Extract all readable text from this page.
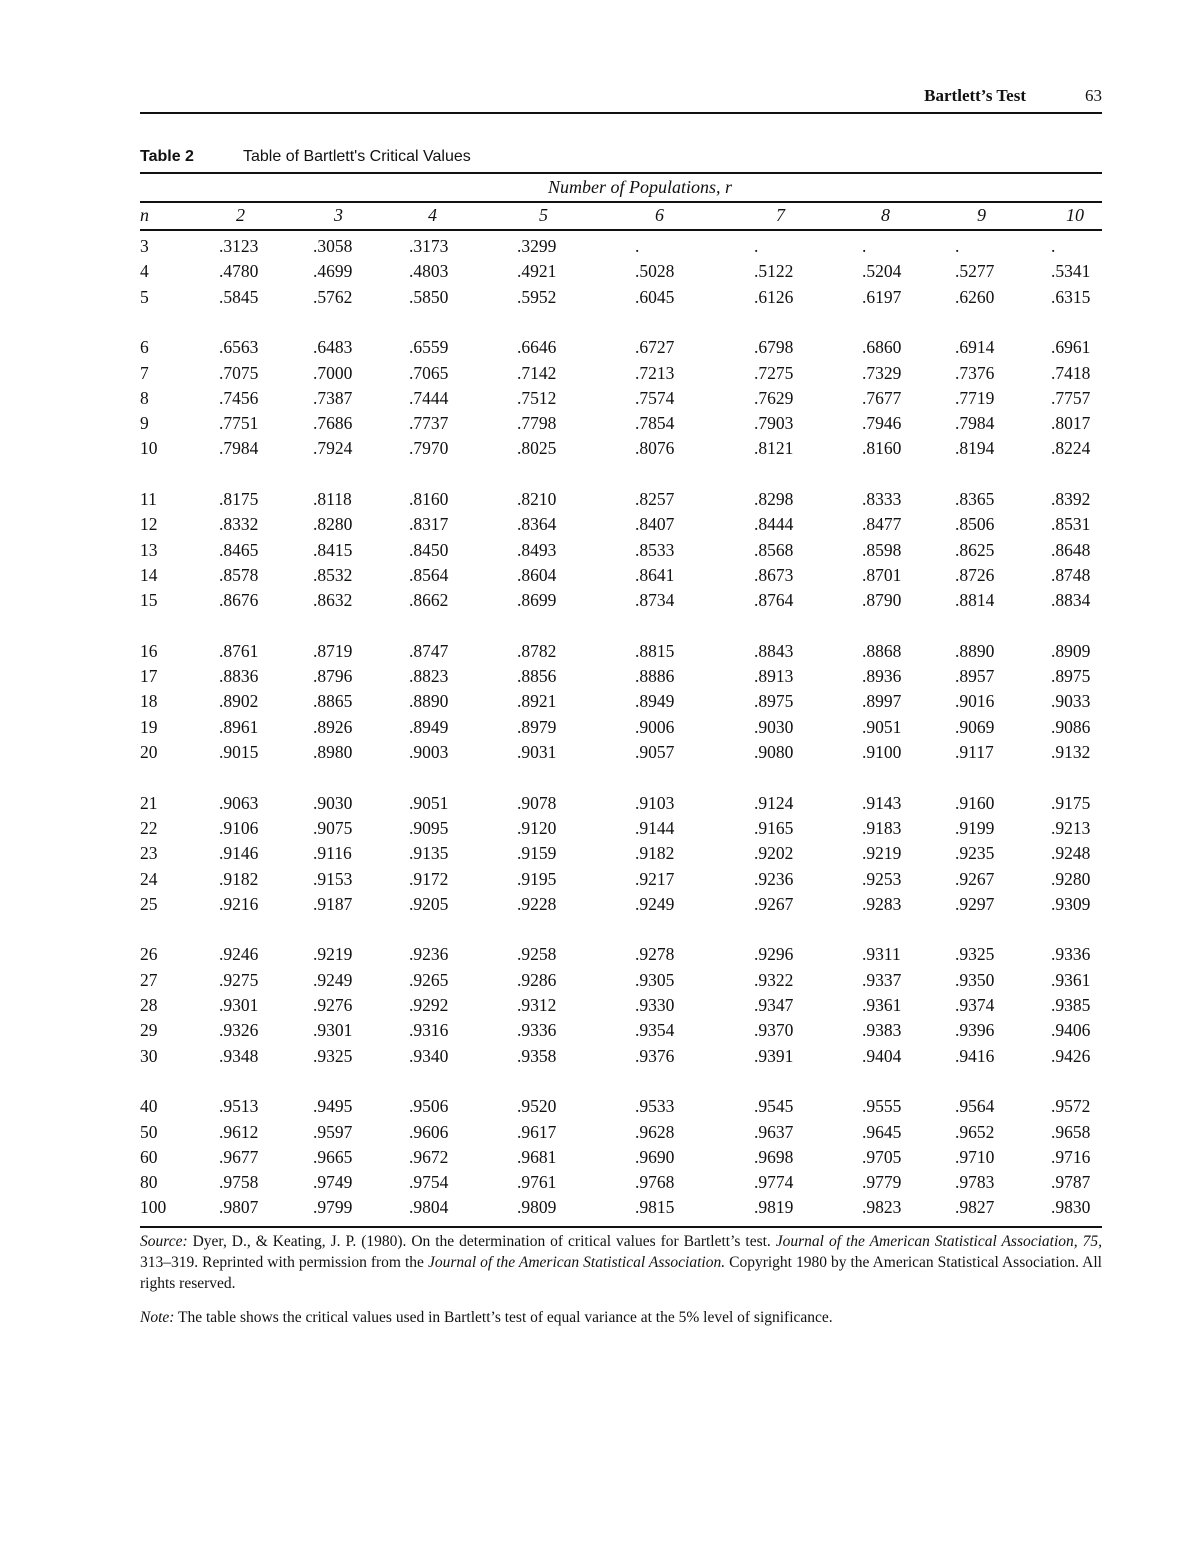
Bartlett’s Test	63
Table 2	Table of Bartlett's Critical Values
Number of Populations, r
n	2	3	4	5	6	7	8	9	10
3	.3123	.3058	.3173	.3299	.	.	.	.	.
4	.4780	.4699	.4803	.4921	.5028	.5122	.5204	.5277	.5341
5	.5845	.5762	.5850	.5952	.6045	.6126	.6197	.6260	.6315
6	.6563	.6483	.6559	.6646	.6727	.6798	.6860	.6914	.6961
7	.7075	.7000	.7065	.7142	.7213	.7275	.7329	.7376	.7418
8	.7456	.7387	.7444	.7512	.7574	.7629	.7677	.7719	.7757
9	.7751	.7686	.7737	.7798	.7854	.7903	.7946	.7984	.8017
10	.7984	.7924	.7970	.8025	.8076	.8121	.8160	.8194	.8224
11	.8175	.8118	.8160	.8210	.8257	.8298	.8333	.8365	.8392
12	.8332	.8280	.8317	.8364	.8407	.8444	.8477	.8506	.8531
13	.8465	.8415	.8450	.8493	.8533	.8568	.8598	.8625	.8648
14	.8578	.8532	.8564	.8604	.8641	.8673	.8701	.8726	.8748
15	.8676	.8632	.8662	.8699	.8734	.8764	.8790	.8814	.8834
16	.8761	.8719	.8747	.8782	.8815	.8843	.8868	.8890	.8909
17	.8836	.8796	.8823	.8856	.8886	.8913	.8936	.8957	.8975
18	.8902	.8865	.8890	.8921	.8949	.8975	.8997	.9016	.9033
19	.8961	.8926	.8949	.8979	.9006	.9030	.9051	.9069	.9086
20	.9015	.8980	.9003	.9031	.9057	.9080	.9100	.9117	.9132
21	.9063	.9030	.9051	.9078	.9103	.9124	.9143	.9160	.9175
22	.9106	.9075	.9095	.9120	.9144	.9165	.9183	.9199	.9213
23	.9146	.9116	.9135	.9159	.9182	.9202	.9219	.9235	.9248
24	.9182	.9153	.9172	.9195	.9217	.9236	.9253	.9267	.9280
25	.9216	.9187	.9205	.9228	.9249	.9267	.9283	.9297	.9309
26	.9246	.9219	.9236	.9258	.9278	.9296	.9311	.9325	.9336
27	.9275	.9249	.9265	.9286	.9305	.9322	.9337	.9350	.9361
28	.9301	.9276	.9292	.9312	.9330	.9347	.9361	.9374	.9385
29	.9326	.9301	.9316	.9336	.9354	.9370	.9383	.9396	.9406
30	.9348	.9325	.9340	.9358	.9376	.9391	.9404	.9416	.9426
40	.9513	.9495	.9506	.9520	.9533	.9545	.9555	.9564	.9572
50	.9612	.9597	.9606	.9617	.9628	.9637	.9645	.9652	.9658
60	.9677	.9665	.9672	.9681	.9690	.9698	.9705	.9710	.9716
80	.9758	.9749	.9754	.9761	.9768	.9774	.9779	.9783	.9787
100	.9807	.9799	.9804	.9809	.9815	.9819	.9823	.9827	.9830
Source: Dyer, D., & Keating, J. P. (1980). On the determination of critical values for Bartlett’s test. Journal of the American Statistical Association, 75, 313–319. Reprinted with permission from the Journal of the American Statistical Association. Copyright 1980 by the American Statistical Association. All rights reserved.
Note: The table shows the critical values used in Bartlett’s test of equal variance at the 5% level of significance.
